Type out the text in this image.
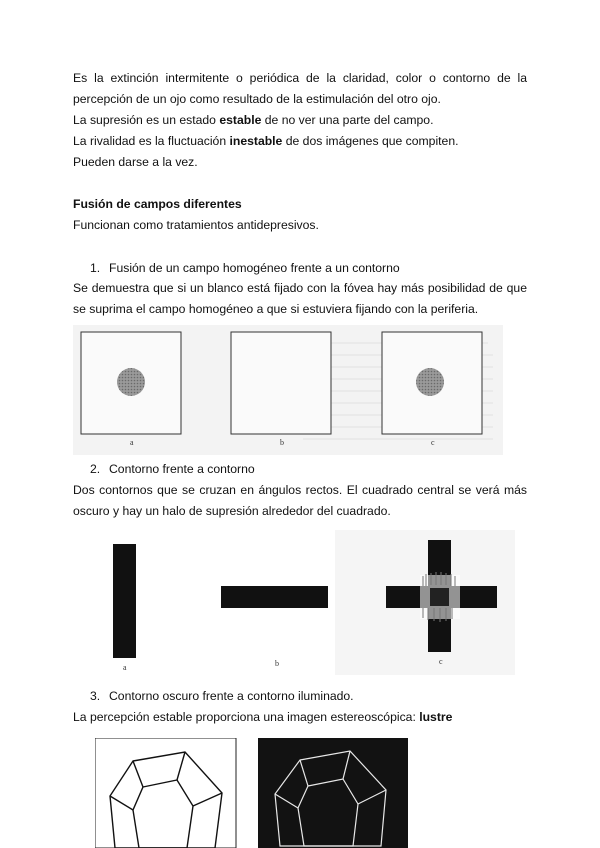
Es la extinción intermitente o periódica de la claridad, color o contorno de la percepción de un ojo como resultado de la estimulación del otro ojo.

La supresión es un estado estable de no ver una parte del campo.

La rivalidad es la fluctuación inestable de dos imágenes que compiten.

Pueden darse a la vez.

Fusión de campos diferentes

Funcionan como tratamientos antidepresivos.

1. Fusión de un campo homogéneo frente a un contorno

Se demuestra que si un blanco está fijado con la fóvea hay más posibilidad de que se suprima el campo homogéneo a que si estuviera fijando con la periferia.

a	b	c
2. Contorno frente a contorno

Dos contornos que se cruzan en ángulos rectos. El cuadrado central se verá más oscuro y hay un halo de supresión alrededor del cuadrado.

a	b	c
3. Contorno oscuro frente a contorno iluminado.

La percepción estable proporciona una imagen estereoscópica: lustre
